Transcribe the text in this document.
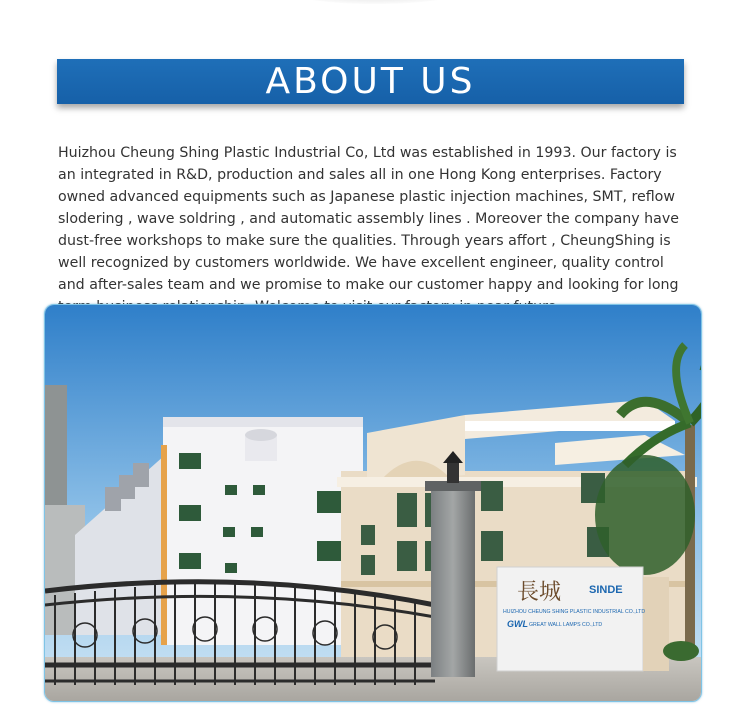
ABOUT US

Huizhou Cheung Shing Plastic Industrial Co, Ltd was established in 1993. Our factory is an integrated in R&D, production and sales all in one Hong Kong enterprises. Factory owned advanced equipments such as Japanese plastic injection machines, SMT, reflow slodering , wave soldring , and automatic assembly lines . Moreover the company have dust-free workshops to make sure the qualities. Through years affort , CheungShing is well recognized by customers worldwide. We have excellent engineer, quality control and after-sales team and we promise to make our customer happy and looking for long

長城	SINDE
HUIZHOU CHEUNG SHING PLASTIC INDUSTRIAL CO.,LTD
GWL GREAT WALL LAMPS CO.,LTD
